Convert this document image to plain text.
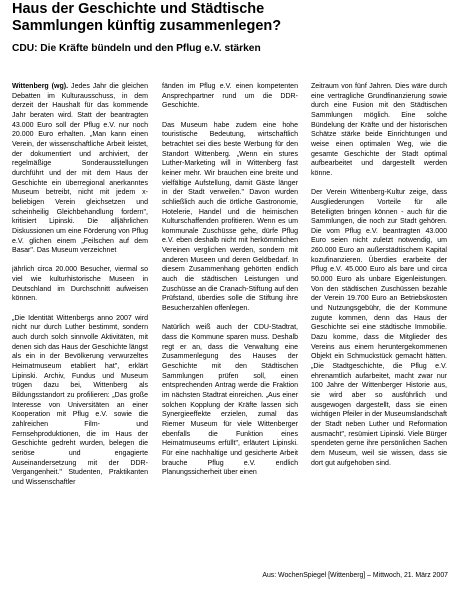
Haus der Geschichte und Städtische
Sammlungen künftig zusammenlegen?
CDU: Die Kräfte bündeln und den Pflug e.V. stärken

Wittenberg (wg). Jedes Jahr die gleichen Debatten im Kulturausschuss, in dem derzeit der Haushalt für das kommende Jahr beraten wird. Statt der beantragten 43.000 Euro soll der Pflug e.V. nur noch 20.000 Euro erhalten. „Man kann einen Verein, der wissenschaftliche Arbeit leistet, der dokumentiert und archiviert, der regelmäßige Sonderausstellungen durchführt und der mit dem Haus der Geschichte ein überregional anerkanntes Museum betreibt, nicht mit jedem x-beliebigen Verein gleichsetzen und scheinheilig Gleichbehandlung fordern", kritisiert Lipinski. Die alljährlichen Diskussionen um eine Förderung von Pflug e.V. glichen einem „Feilschen auf dem Basar". Das Museum verzeichnet

jährlich circa 20.000 Besucher, viermal so viel wie kulturhistorische Museen in Deutschland im Durchschnitt aufweisen können.

„Die Identität Wittenbergs anno 2007 wird nicht nur durch Luther bestimmt, sondern auch durch solch sinnvolle Aktivitäten, mit denen sich das Haus der Geschichte längst als ein in der Bevölkerung verwurzeltes Heimatmuseum etabliert hat", erklärt Lipinski. Archiv, Fundus und Museum trügen dazu bei, Wittenberg als Bildungsstandort zu profilieren: „Das große Interesse von Universitäten an einer Kooperation mit Pflug e.V. sowie die zahlreichen Film- und Fernsehproduktionen, die im Haus der Geschichte gedreht wurden, belegen die seriöse und engagierte Auseinandersetzung mit der DDR-Vergangenheit." Studenten, Praktikanten und Wissenschaftler

fänden im Pflug e.V. einen kompetenten Ansprechpartner rund um die DDR-Geschichte.

Das Museum habe zudem eine hohe touristische Bedeutung, wirtschaftlich betrachtet sei dies beste Werbung für den Standort Wittenberg. „Wenn ein stures Luther-Marketing will in Wittenberg fast keiner mehr. Wir brauchen eine breite und vielfältige Aufstellung, damit Gäste länger in der Stadt verweilen." Davon wurden schließlich auch die örtliche Gastronomie, Hotelerie, Handel und die heimischen Kulturschaffenden profitieren. Wenn es um kommunale Zuschüsse gehe, dürfe Pflug e.V. eben deshalb nicht mit herkömmlichen Vereinen verglichen werden, sondern mit anderen Museen und deren Geldbedarf. In diesem Zusammenhang gehörten endlich auch die städtischen Leistungen und Zuschüsse an die Cranach-Stiftung auf den Prüfstand, überdies solle die Stiftung ihre Besucherzahlen offenlegen.

Natürlich weiß auch der CDU-Stadtrat, dass die Kommune sparen muss. Deshalb regt er an, dass die Verwaltung eine Zusammenlegung des Hauses der Geschichte mit den Städtischen Sammlungen prüfen soll, einen entsprechenden Antrag werde die Fraktion im nächsten Stadtrat einreichen. „Aus einer solchen Kopplung der Kräfte lassen sich Synergieeffekte erzielen, zumal das Riemer Museum für viele Wittenberger ebenfalls die Funktion eines Heimatmuseums erfüllt", erläutert Lipinski. Für eine nachhaltige und gesicherte Arbeit brauche Pflug e.V. endlich Planungssicherheit über einen

Zeitraum von fünf Jahren. Dies wäre durch eine vertragliche Grundfinanzierung sowie durch eine Fusion mit den Städtischen Sammlungen möglich. Eine solche Bündelung der Kräfte und der historischen Schätze stärke beide Einrichtungen und weise einen optimalen Weg, wie die gesamte Geschichte der Stadt optimal aufbearbeitet und dargestellt werden könne.

Der Verein Wittenberg-Kultur zeige, dass Ausgliederungen Vorteile für alle Beteiligten bringen können - auch für die Sammlungen, die noch zur Stadt gehören. Die vom Pflug e.V. beantragten 43.000 Euro seien nicht zuletzt notwendig, um 260.000 Euro an außerstädtischem Kapital kozufinanzieren. Überdies erarbeite der Pflug e.V. 45.000 Euro als bare und circa 50.000 Euro als unbare Eigenleistungen. Von den städtischen Zuschüssen bezahle der Verein 19.700 Euro an Betriebskosten und Nutzungsgebühr, die der Kommune zugute kommen, denn das Haus der Geschichte sei eine städtische Immobilie. Dazu komme, dass die Mitglieder des Vereins aus einem heruntergekommenen Objekt ein Schmuckstück gemacht hätten. „Die Stadtgeschichte, die Pflug e.V. ehrenamtlich aufarbeitet, macht zwar nur 100 Jahre der Wittenberger Historie aus, sie wird aber so ausführlich und ausgewogen dargestellt, dass sie einen wichtigen Pfeiler in der Museumslandschaft der Stadt neben Luther und Reformation ausmacht", resümiert Lipinski. Viele Bürger spendeten gerne ihre persönlichen Sachen dem Museum, weil sie wissen, dass sie dort gut aufgehoben sind.

Aus: WochenSpiegel [Wittenberg] – Mittwoch, 21. März 2007
